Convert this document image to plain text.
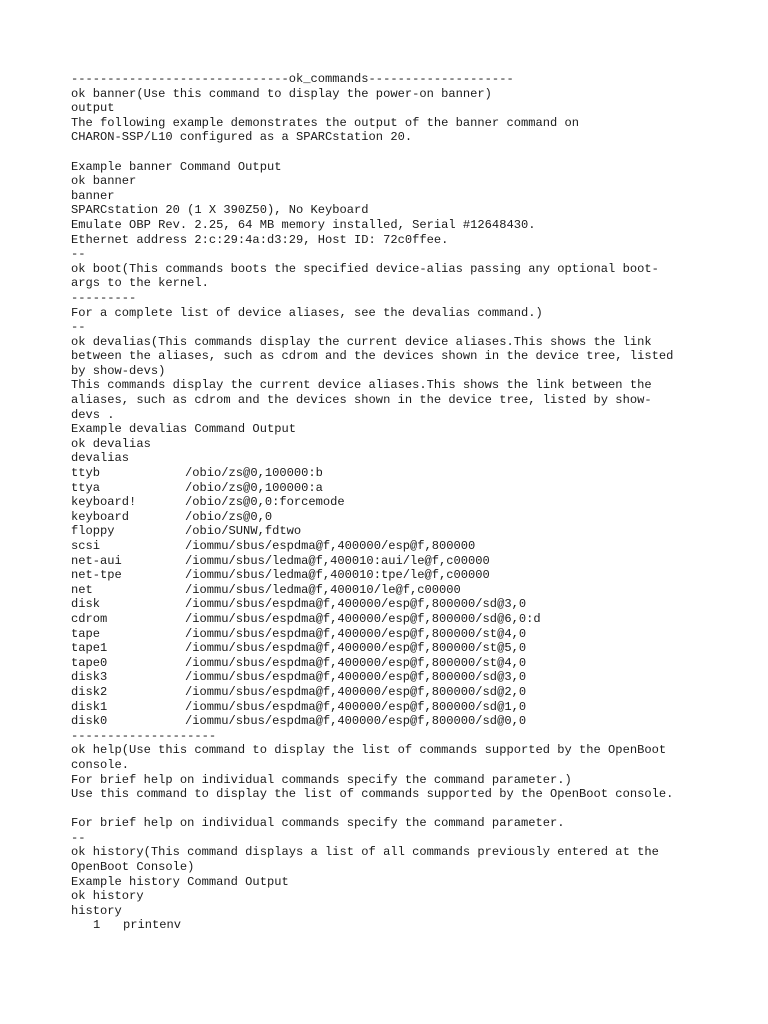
------------------------------ok_commands--------------------
ok banner(Use this command to display the power-on banner)
output
The following example demonstrates the output of the banner command on
CHARON-SSP/L10 configured as a SPARCstation 20.
Example banner Command Output
ok banner
banner
SPARCstation 20 (1 X 390Z50), No Keyboard
Emulate OBP Rev. 2.25, 64 MB memory installed, Serial #12648430.
Ethernet address 2:c:29:4a:d3:29, Host ID: 72c0ffee.
--
ok boot(This commands boots the specified device-alias passing any optional boot-
args to the kernel.
---------
For a complete list of device aliases, see the devalias command.)
--
ok devalias(This commands display the current device aliases.This shows the link
between the aliases, such as cdrom and the devices shown in the device tree, listed
by show-devs)
This commands display the current device aliases.This shows the link between the
aliases, such as cdrom and the devices shown in the device tree, listed by show-
devs .
Example devalias Command Output
ok devalias
devalias
ttyb	/obio/zs@0,100000:b
ttya	/obio/zs@0,100000:a
keyboard!	/obio/zs@0,0:forcemode
keyboard	/obio/zs@0,0
floppy	/obio/SUNW,fdtwo
scsi	/iommu/sbus/espdma@f,400000/esp@f,800000
net-aui	/iommu/sbus/ledma@f,400010:aui/le@f,c00000
net-tpe	/iommu/sbus/ledma@f,400010:tpe/le@f,c00000
net	/iommu/sbus/ledma@f,400010/le@f,c00000
disk	/iommu/sbus/espdma@f,400000/esp@f,800000/sd@3,0
cdrom	/iommu/sbus/espdma@f,400000/esp@f,800000/sd@6,0:d
tape	/iommu/sbus/espdma@f,400000/esp@f,800000/st@4,0
tape1	/iommu/sbus/espdma@f,400000/esp@f,800000/st@5,0
tape0	/iommu/sbus/espdma@f,400000/esp@f,800000/st@4,0
disk3	/iommu/sbus/espdma@f,400000/esp@f,800000/sd@3,0
disk2	/iommu/sbus/espdma@f,400000/esp@f,800000/sd@2,0
disk1	/iommu/sbus/espdma@f,400000/esp@f,800000/sd@1,0
disk0	/iommu/sbus/espdma@f,400000/esp@f,800000/sd@0,0
--------------------
ok help(Use this command to display the list of commands supported by the OpenBoot
console.
For brief help on individual commands specify the command parameter.)
Use this command to display the list of commands supported by the OpenBoot console.
For brief help on individual commands specify the command parameter.
--
ok history(This command displays a list of all commands previously entered at the
OpenBoot Console)
Example history Command Output
ok history
history
1 printenv
